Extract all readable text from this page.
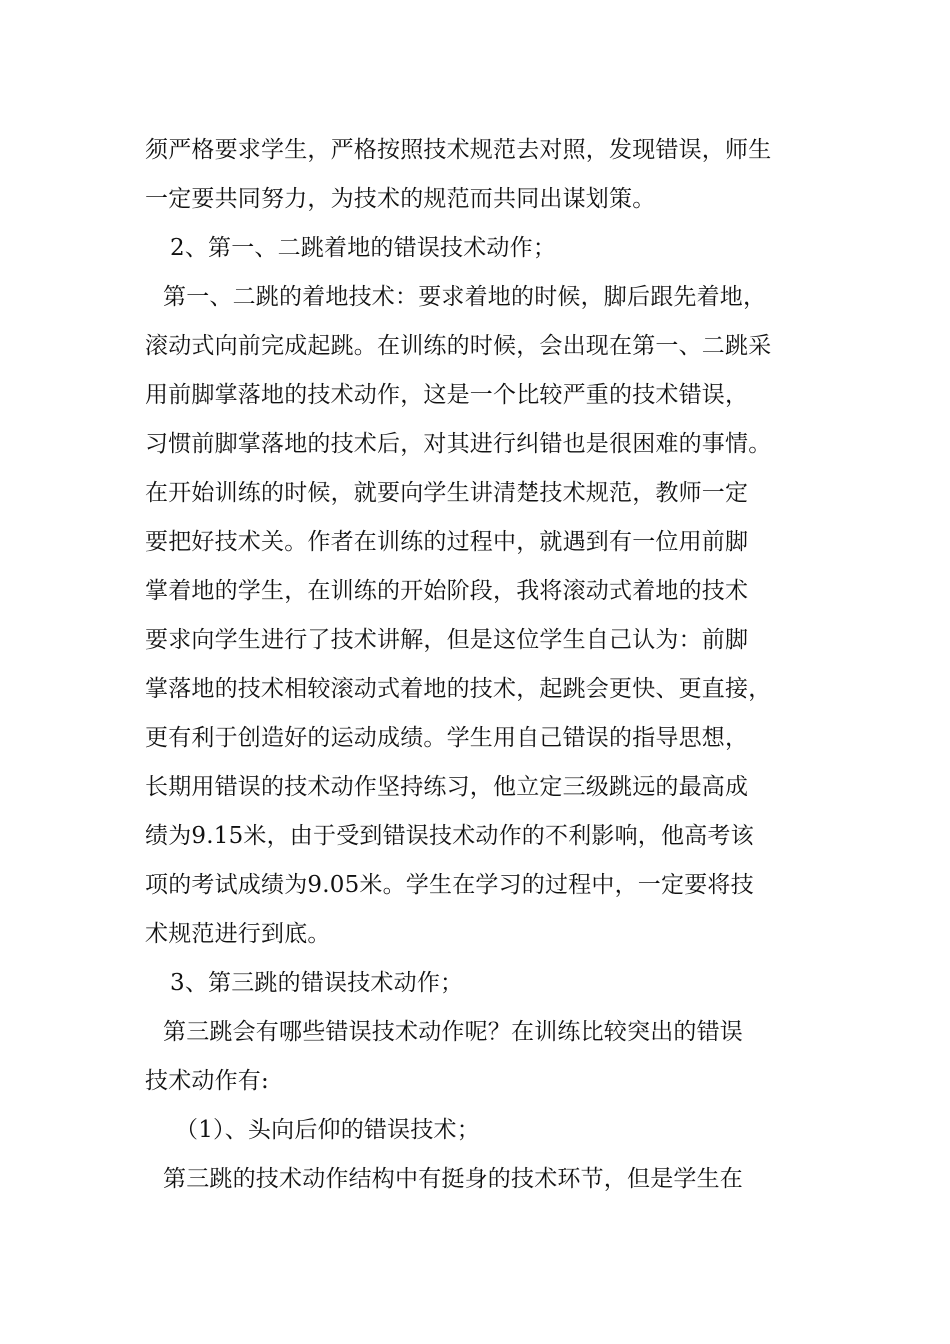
须严格要求学生，严格按照技术规范去对照，发现错误，师生
一定要共同努力，为技术的规范而共同出谋划策。
2、第一、二跳着地的错误技术动作；
第一、二跳的着地技术：要求着地的时候，脚后跟先着地，
滚动式向前完成起跳。在训练的时候，会出现在第一、二跳采
用前脚掌落地的技术动作，这是一个比较严重的技术错误，
习惯前脚掌落地的技术后，对其进行纠错也是很困难的事情。
在开始训练的时候，就要向学生讲清楚技术规范，教师一定
要把好技术关。作者在训练的过程中，就遇到有一位用前脚
掌着地的学生，在训练的开始阶段，我将滚动式着地的技术
要求向学生进行了技术讲解，但是这位学生自己认为：前脚
掌落地的技术相较滚动式着地的技术，起跳会更快、更直接，
更有利于创造好的运动成绩。学生用自己错误的指导思想，
长期用错误的技术动作坚持练习，他立定三级跳远的最高成
绩为9.15米，由于受到错误技术动作的不利影响，他高考该
项的考试成绩为9.05米。学生在学习的过程中，一定要将技
术规范进行到底。
3、第三跳的错误技术动作；
第三跳会有哪些错误技术动作呢？在训练比较突出的错误
技术动作有:
（1）、头向后仰的错误技术；
第三跳的技术动作结构中有挺身的技术环节，但是学生在
